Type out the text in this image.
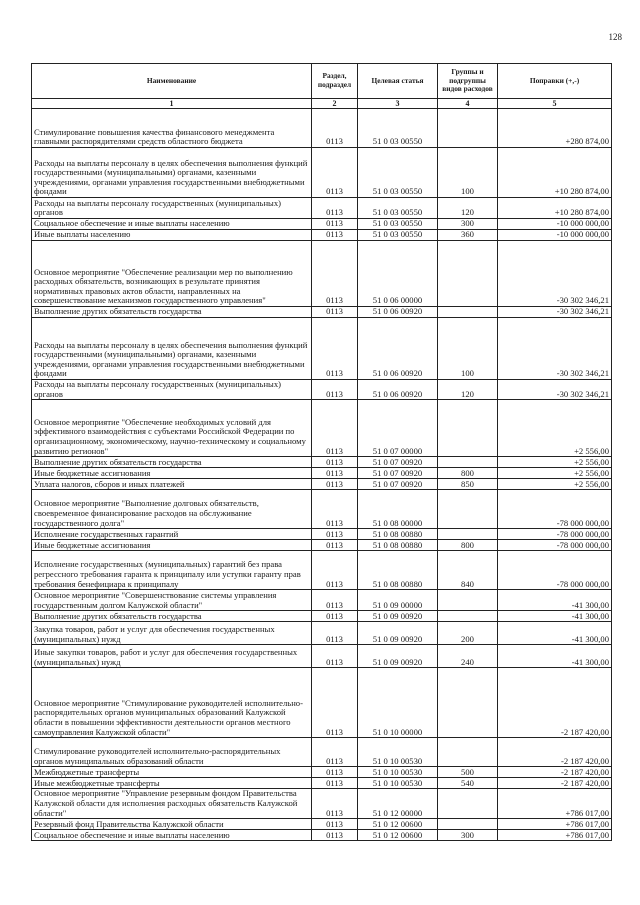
128
Наименование	Раздел, подраздел	Целевая статья	Группы и подгруппы видов расходов	Поправки (+,-)
1	2	3	4	5
Стимулирование повышения качества финансового менеджмента главными распорядителями средств областного бюджета	0113	51 0 03 00550		+280 874,00
Расходы на выплаты персоналу в целях обеспечения выполнения функций государственными (муниципальными) органами, казенными учреждениями, органами управления государственными внебюджетными фондами	0113	51 0 03 00550	100	+10 280 874,00
Расходы на выплаты персоналу государственных (муниципальных) органов	0113	51 0 03 00550	120	+10 280 874,00
Социальное обеспечение и иные выплаты населению	0113	51 0 03 00550	300	-10 000 000,00
Иные выплаты населению	0113	51 0 03 00550	360	-10 000 000,00
Основное мероприятие "Обеспечение реализации мер по выполнению расходных обязательств, возникающих в результате принятия нормативных правовых актов области, направленных на совершенствование механизмов государственного управления"	0113	51 0 06 00000		-30 302 346,21
Выполнение других обязательств государства	0113	51 0 06 00920		-30 302 346,21
Расходы на выплаты персоналу в целях обеспечения выполнения функций государственными (муниципальными) органами, казенными учреждениями, органами управления государственными внебюджетными фондами	0113	51 0 06 00920	100	-30 302 346,21
Расходы на выплаты персоналу государственных (муниципальных) органов	0113	51 0 06 00920	120	-30 302 346,21
Основное мероприятие "Обеспечение необходимых условий для эффективного взаимодействия с субъектами Российской Федерации по организационному, экономическому, научно-техническому и социальному развитию регионов"	0113	51 0 07 00000		+2 556,00
Выполнение других обязательств государства	0113	51 0 07 00920		+2 556,00
Иные бюджетные ассигнования	0113	51 0 07 00920	800	+2 556,00
Уплата налогов, сборов и иных платежей	0113	51 0 07 00920	850	+2 556,00
Основное мероприятие "Выполнение долговых обязательств, своевременное финансирование расходов на обслуживание государственного долга"	0113	51 0 08 00000		-78 000 000,00
Исполнение государственных гарантий	0113	51 0 08 00880		-78 000 000,00
Иные бюджетные ассигнования	0113	51 0 08 00880	800	-78 000 000,00
Исполнение государственных (муниципальных) гарантий без права регрессного требования гаранта к принципалу или уступки гаранту прав требования бенефициара к принципалу	0113	51 0 08 00880	840	-78 000 000,00
Основное мероприятие "Совершенствование системы управления государственным долгом Калужской области"	0113	51 0 09 00000		-41 300,00
Выполнение других обязательств государства	0113	51 0 09 00920		-41 300,00
Закупка товаров, работ и услуг для обеспечения государственных (муниципальных) нужд	0113	51 0 09 00920	200	-41 300,00
Иные закупки товаров, работ и услуг для обеспечения государственных (муниципальных) нужд	0113	51 0 09 00920	240	-41 300,00
Основное мероприятие "Стимулирование руководителей исполнительно-распорядительных органов муниципальных образований Калужской области в повышении эффективности деятельности органов местного самоуправления Калужской области"	0113	51 0 10 00000		-2 187 420,00
Стимулирование руководителей исполнительно-распорядительных органов муниципальных образований области	0113	51 0 10 00530		-2 187 420,00
Межбюджетные трансферты	0113	51 0 10 00530	500	-2 187 420,00
Иные межбюджетные трансферты	0113	51 0 10 00530	540	-2 187 420,00
Основное мероприятие "Управление резервным фондом Правительства Калужской области для исполнения расходных обязательств Калужской области"	0113	51 0 12 00000		+786 017,00
Резервный фонд Правительства Калужской области	0113	51 0 12 00600		+786 017,00
Социальное обеспечение и иные выплаты населению	0113	51 0 12 00600	300	+786 017,00
